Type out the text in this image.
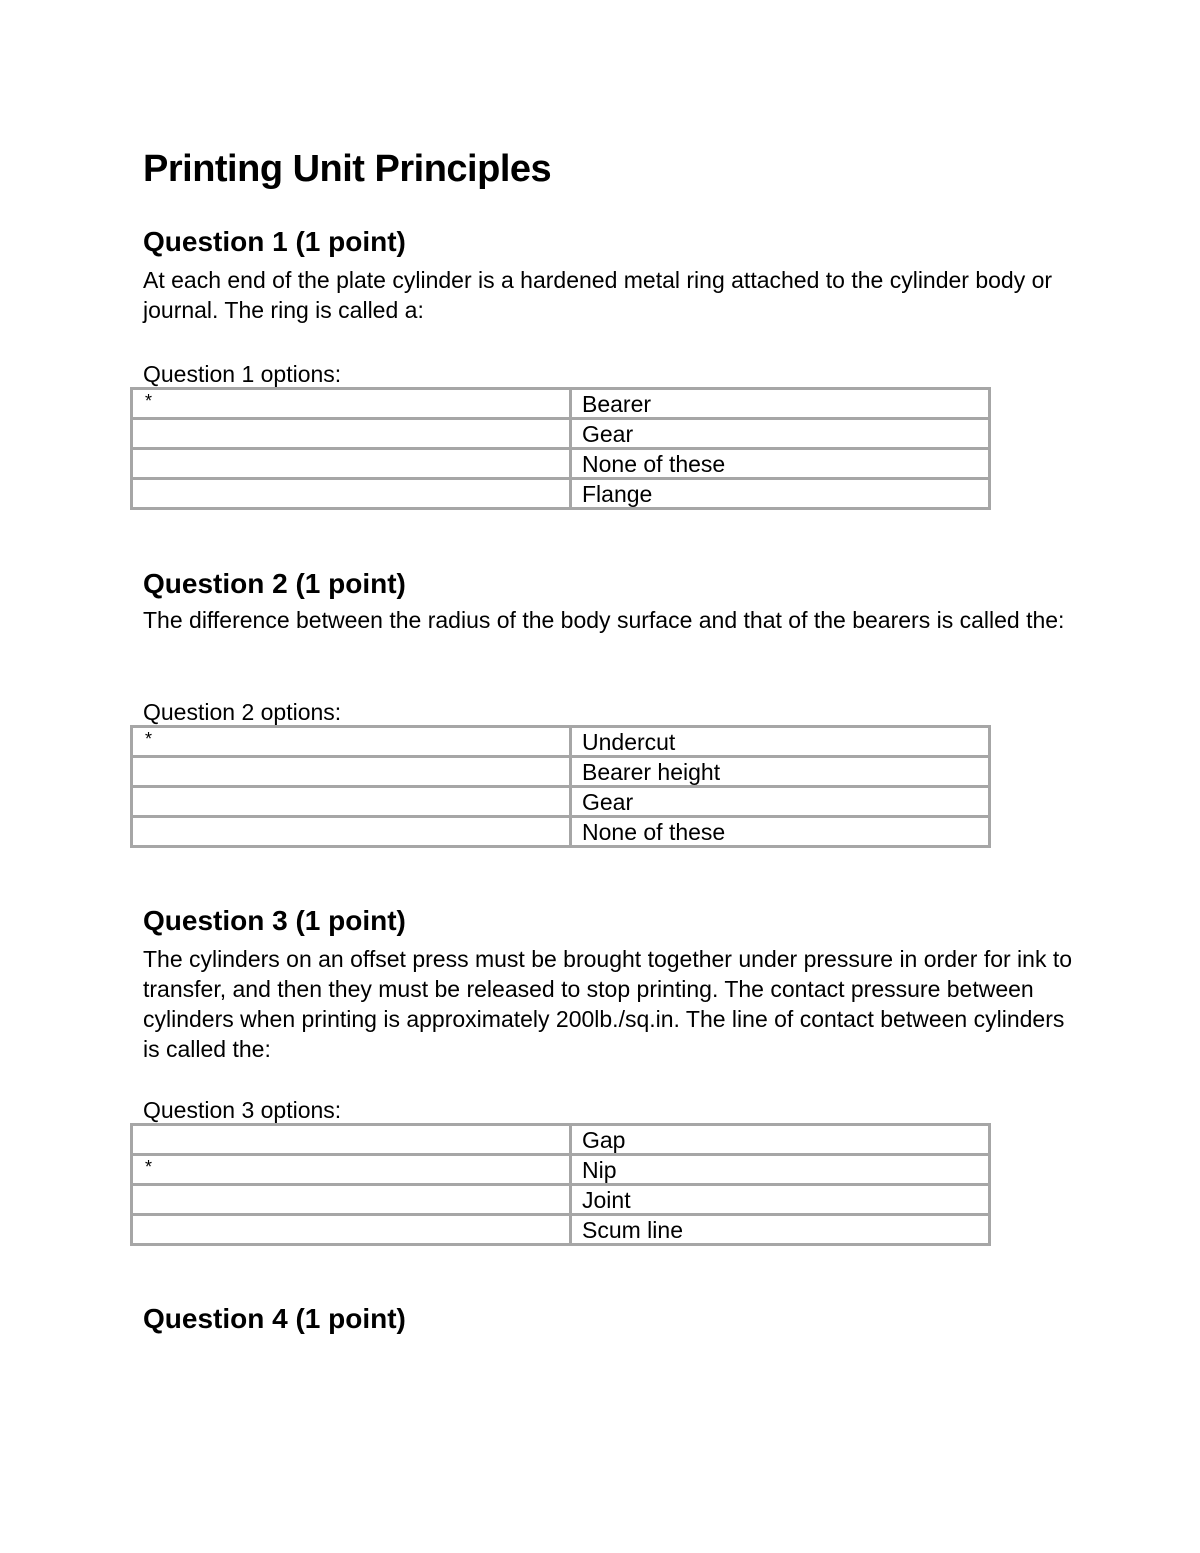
Printing Unit Principles
Question 1 (1 point)

At each end of the plate cylinder is a hardened metal ring attached to the cylinder body or journal. The ring is called a:

Question 1 options:

*	Bearer
	Gear
	None of these
	Flange
Question 2 (1 point)

The difference between the radius of the body surface and that of the bearers is called the:

Question 2 options:

*	Undercut
	Bearer height
	Gear
	None of these
Question 3 (1 point)

The cylinders on an offset press must be brought together under pressure in order for ink to transfer, and then they must be released to stop printing. The contact pressure between cylinders when printing is approximately 200lb./sq.in. The line of contact between cylinders is called the:

Question 3 options:

	Gap
*	Nip
	Joint
	Scum line
Question 4 (1 point)
